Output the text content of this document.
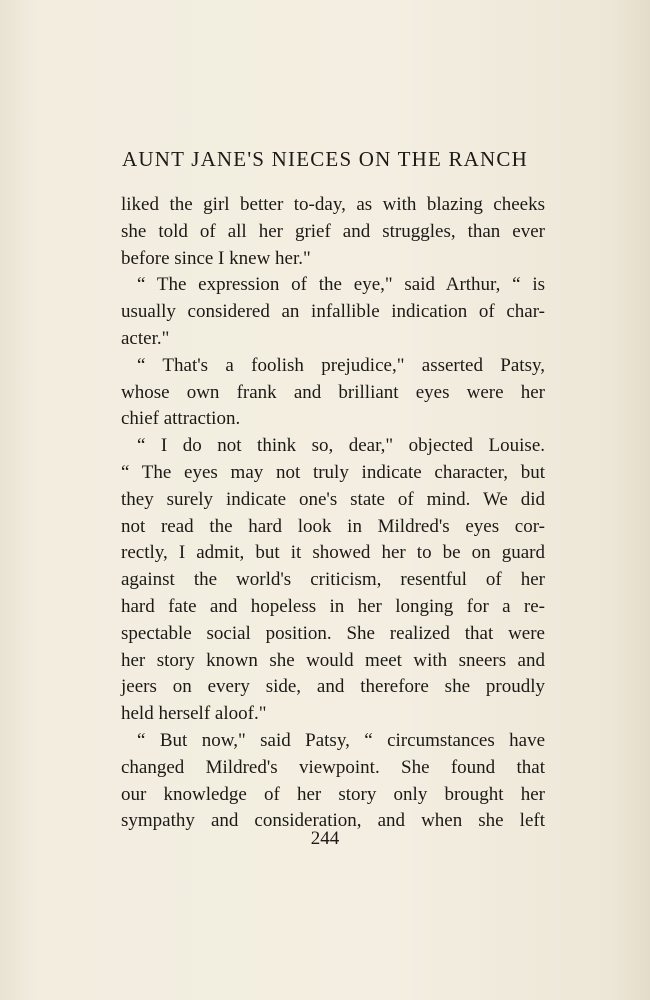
AUNT JANE'S NIECES ON THE RANCH
liked the girl better to-day, as with blazing cheeks
she told of all her grief and struggles, than ever
before since I knew her."
“ The expression of the eye," said Arthur, “ is
usually considered an infallible indication of char-
acter."
“ That's a foolish prejudice," asserted Patsy,
whose own frank and brilliant eyes were her
chief attraction.
“ I do not think so, dear," objected Louise.
“ The eyes may not truly indicate character, but
they surely indicate one's state of mind. We did
not read the hard look in Mildred's eyes cor-
rectly, I admit, but it showed her to be on guard
against the world's criticism, resentful of her
hard fate and hopeless in her longing for a re-
spectable social position. She realized that were
her story known she would meet with sneers and
jeers on every side, and therefore she proudly
held herself aloof."
“ But now," said Patsy, “ circumstances have
changed Mildred's viewpoint. She found that
our knowledge of her story only brought her
sympathy and consideration, and when she left
244
